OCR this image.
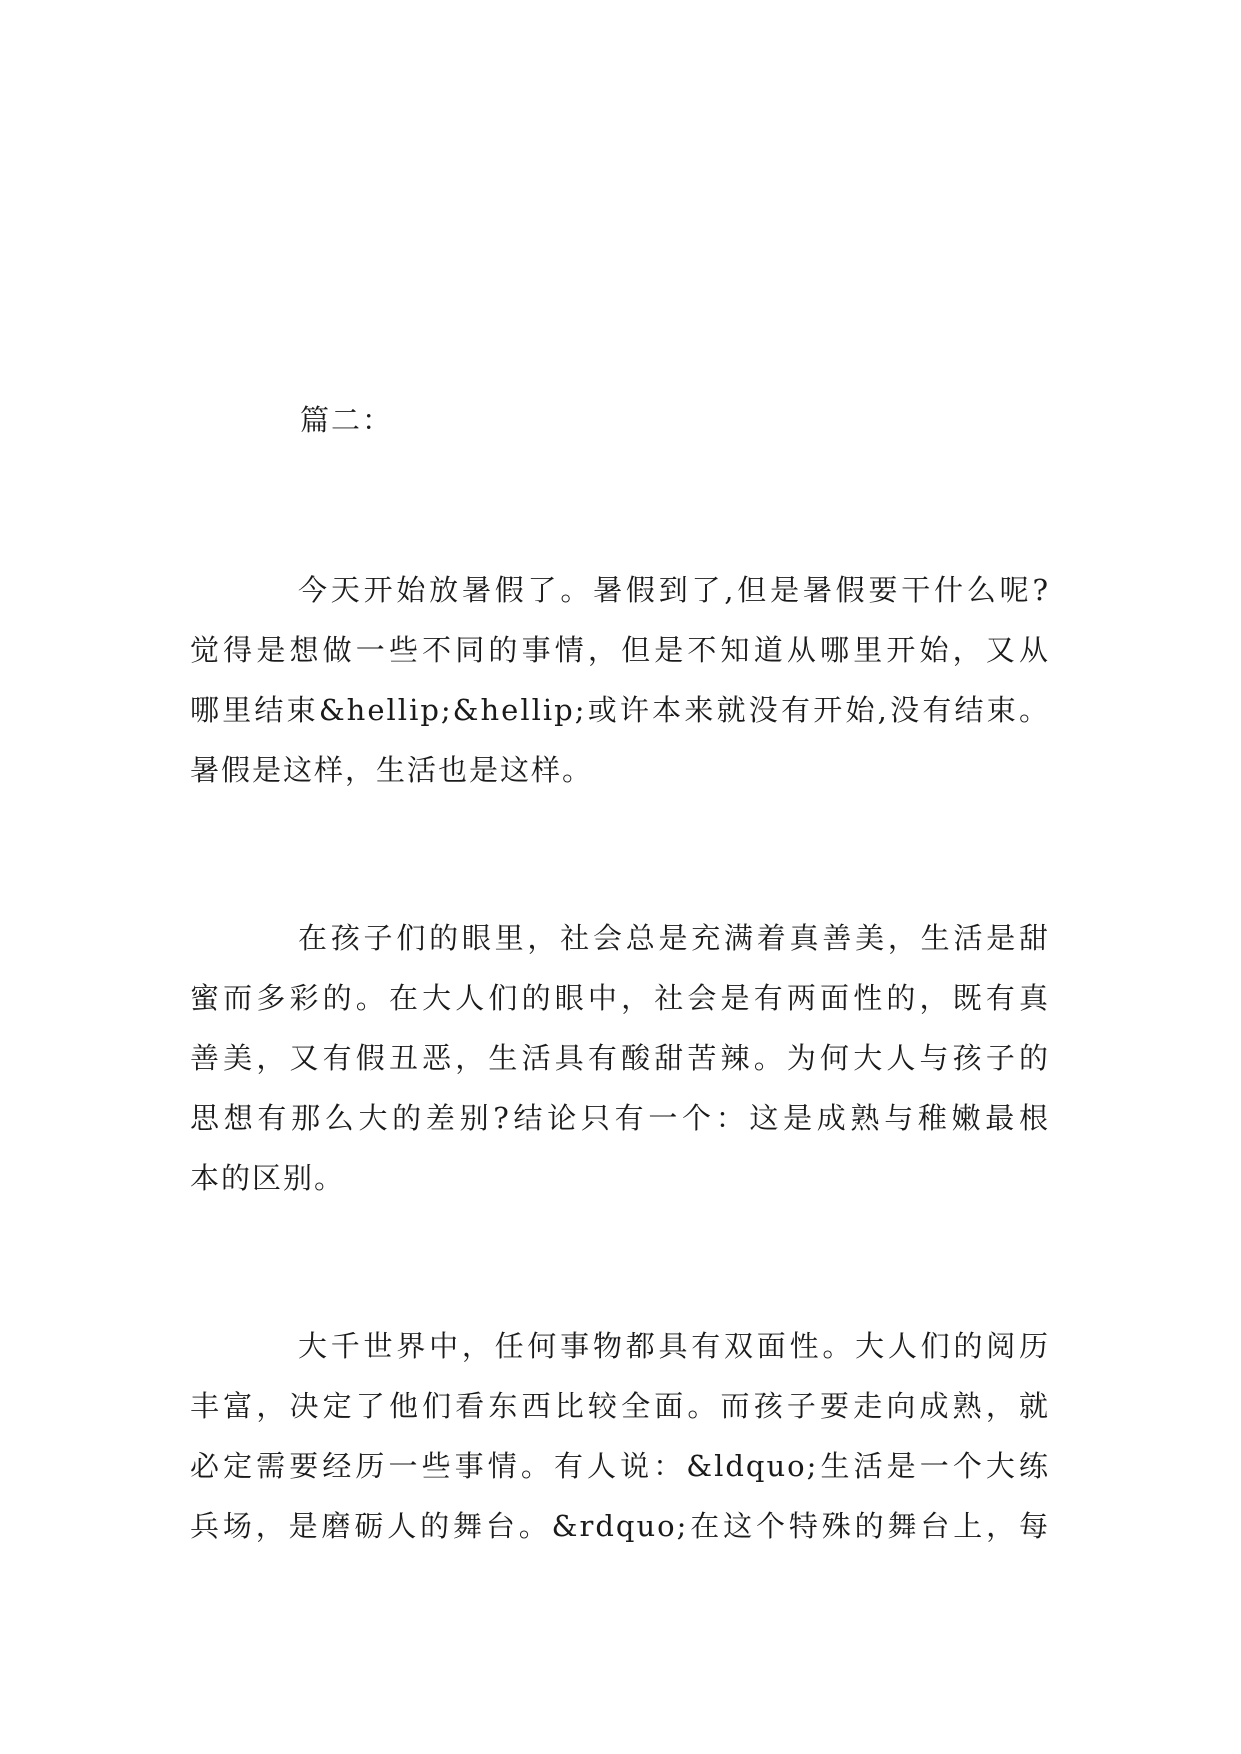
篇二：
今天开始放暑假了。暑假到了,但是暑假要干什么呢?
觉得是想做一些不同的事情，但是不知道从哪里开始，又从
哪里结束&hellip;&hellip;或许本来就没有开始,没有结束。
暑假是这样，生活也是这样。
在孩子们的眼里，社会总是充满着真善美，生活是甜
蜜而多彩的。在大人们的眼中，社会是有两面性的，既有真
善美，又有假丑恶，生活具有酸甜苦辣。为何大人与孩子的
思想有那么大的差别?结论只有一个：这是成熟与稚嫩最根
本的区别。
大千世界中，任何事物都具有双面性。大人们的阅历
丰富，决定了他们看东西比较全面。而孩子要走向成熟，就
必定需要经历一些事情。有人说：&ldquo;生活是一个大练
兵场，是磨砺人的舞台。&rdquo;在这个特殊的舞台上，每
